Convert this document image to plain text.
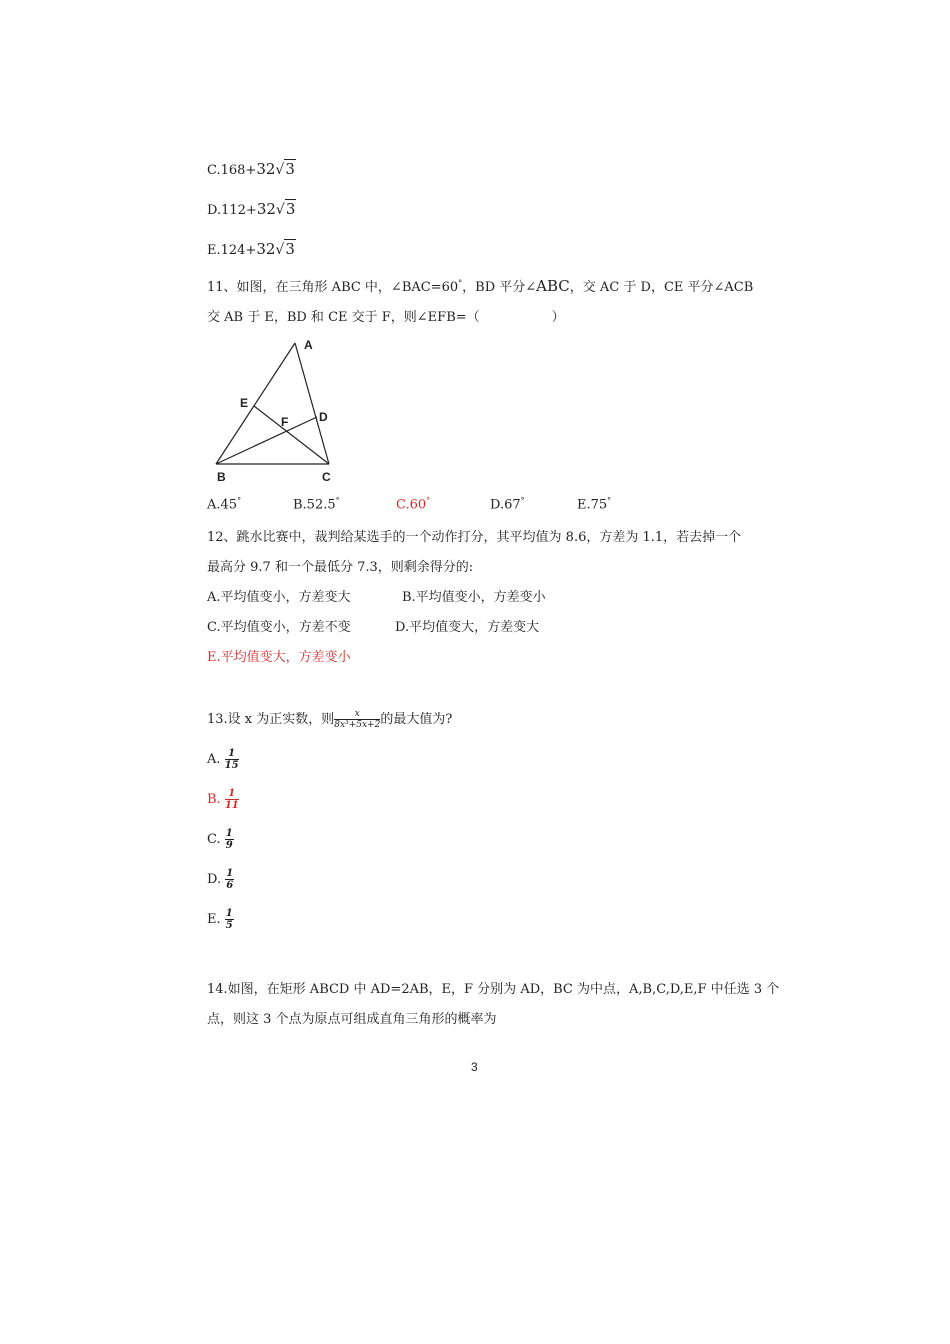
C.168+32√3
D.112+32√3
E.124+32√3
11、如图，在三角形 ABC 中，∠BAC=60°，BD 平分∠ABC，交 AC 于 D，CE 平分∠ACB
交 AB 于 E，BD 和 CE 交于 F，则∠EFB=（	）
A
E
D
F
B	C
A.45°	B.52.5°	C.60°	D.67°	E.75°
12、跳水比赛中，裁判给某选手的一个动作打分，其平均值为 8.6，方差为 1.1，若去掉一个
最高分 9.7 和一个最低分 7.3，则剩余得分的:
A.平均值变小，方差变大	B.平均值变小，方差变小
C.平均值变小，方差不变	D.平均值变大，方差变大
E.平均值变大，方差变小
13.设 x 为正实数，则 $\frac{x}{\text{8x³+5x+2}}$ 的最大值为?
A. $\frac{1}{15}$
B. $\frac{1}{11}$
C. $\frac{1}{9}$
D. $\frac{1}{6}$
E. $\frac{1}{5}$
14.如图，在矩形 ABCD 中 AD=2AB，E，F 分别为 AD，BC 为中点，A,B,C,D,E,F 中任选 3 个
点，则这 3 个点为原点可组成直角三角形的概率为
3
